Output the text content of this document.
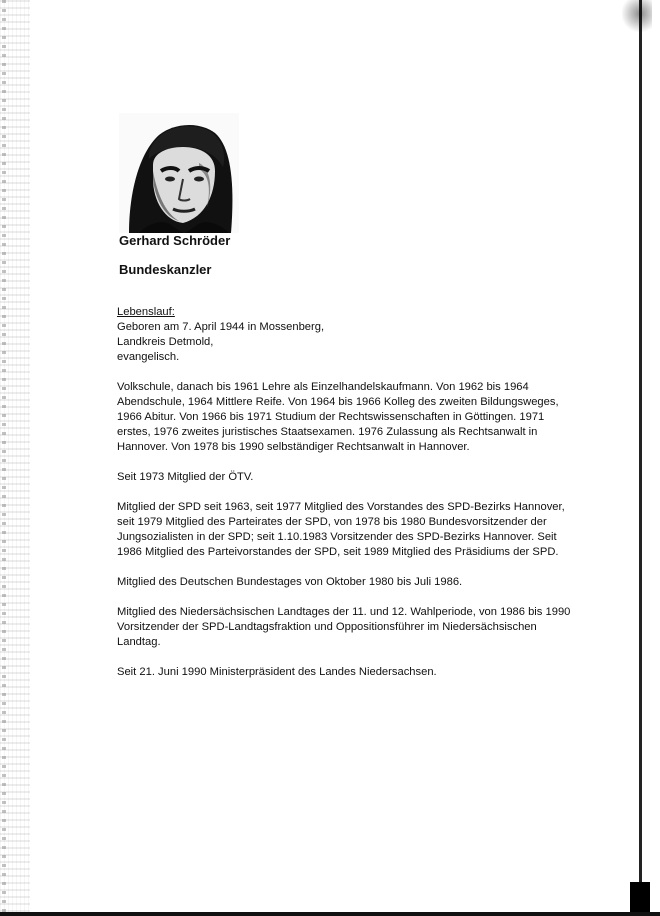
Gerhard Schröder
Bundeskanzler

Lebenslauf:
Geboren am 7. April 1944 in Mossenberg,
Landkreis Detmold,
evangelisch.

Volkschule, danach bis 1961 Lehre als Einzelhandelskaufmann. Von 1962 bis 1964
Abendschule, 1964 Mittlere Reife. Von 1964 bis 1966 Kolleg des zweiten Bildungsweges,
1966 Abitur. Von 1966 bis 1971 Studium der Rechtswissenschaften in Göttingen. 1971
erstes, 1976 zweites juristisches Staatsexamen. 1976 Zulassung als Rechtsanwalt in
Hannover. Von 1978 bis 1990 selbständiger Rechtsanwalt in Hannover.

Seit 1973 Mitglied der ÖTV.

Mitglied der SPD seit 1963, seit 1977 Mitglied des Vorstandes des SPD-Bezirks Hannover,
seit 1979 Mitglied des Parteirates der SPD, von 1978 bis 1980 Bundesvorsitzender der
Jungsozialisten in der SPD; seit 1.10.1983 Vorsitzender des SPD-Bezirks Hannover. Seit
1986 Mitglied des Parteivorstandes der SPD, seit 1989 Mitglied des Präsidiums der SPD.

Mitglied des Deutschen Bundestages von Oktober 1980 bis Juli 1986.

Mitglied des Niedersächsischen Landtages der 11. und 12. Wahlperiode, von 1986 bis 1990
Vorsitzender der SPD-Landtagsfraktion und Oppositionsführer im Niedersächsischen
Landtag.

Seit 21. Juni 1990 Ministerpräsident des Landes Niedersachsen.
